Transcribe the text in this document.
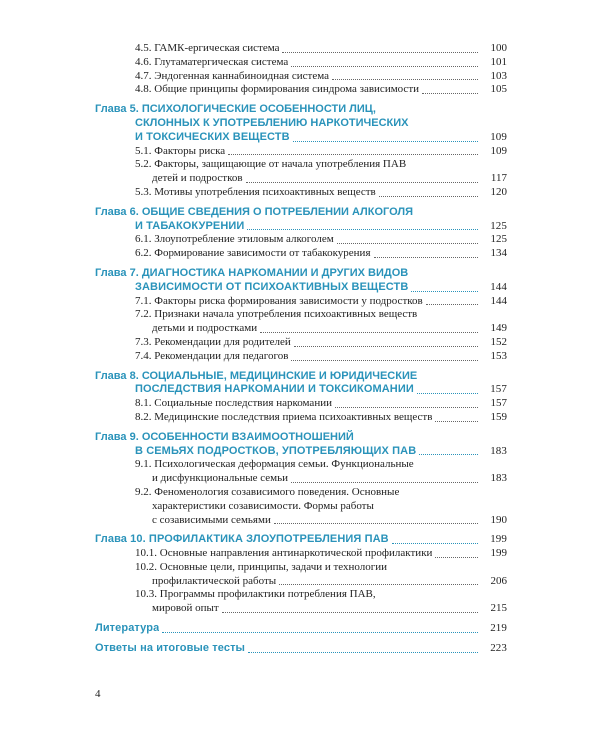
4.5. ГАМК-ергическая система	100
4.6. Глутаматергическая система	101
4.7. Эндогенная каннабиноидная система	103
4.8. Общие принципы формирования синдрома зависимости	105
Глава 5. ПСИХОЛОГИЧЕСКИЕ ОСОБЕННОСТИ ЛИЦ,
СКЛОННЫХ К УПОТРЕБЛЕНИЮ НАРКОТИЧЕСКИХ
И ТОКСИЧЕСКИХ ВЕЩЕСТВ	109
5.1. Факторы риска	109
5.2. Факторы, защищающие от начала употребления ПАВ
детей и подростков	117
5.3. Мотивы употребления психоактивных веществ	120
Глава 6. ОБЩИЕ СВЕДЕНИЯ О ПОТРЕБЛЕНИИ АЛКОГОЛЯ
И ТАБАКОКУРЕНИИ	125
6.1. Злоупотребление этиловым алкоголем	125
6.2. Формирование зависимости от табакокурения	134
Глава 7. ДИАГНОСТИКА НАРКОМАНИИ И ДРУГИХ ВИДОВ
ЗАВИСИМОСТИ ОТ ПСИХОАКТИВНЫХ ВЕЩЕСТВ	144
7.1. Факторы риска формирования зависимости у подростков	144
7.2. Признаки начала употребления психоактивных веществ
детьми и подростками	149
7.3. Рекомендации для родителей	152
7.4. Рекомендации для педагогов	153
Глава 8. СОЦИАЛЬНЫЕ, МЕДИЦИНСКИЕ И ЮРИДИЧЕСКИЕ
ПОСЛЕДСТВИЯ НАРКОМАНИИ И ТОКСИКОМАНИИ	157
8.1. Социальные последствия наркомании	157
8.2. Медицинские последствия приема психоактивных веществ	159
Глава 9. ОСОБЕННОСТИ ВЗАИМООТНОШЕНИЙ
В СЕМЬЯХ ПОДРОСТКОВ, УПОТРЕБЛЯЮЩИХ ПАВ	183
9.1. Психологическая деформация семьи. Функциональные
и дисфункциональные семьи	183
9.2. Феноменология созависимого поведения. Основные
характеристики созависимости. Формы работы
с созависимыми семьями	190
Глава 10. ПРОФИЛАКТИКА ЗЛОУПОТРЕБЛЕНИЯ ПАВ	199
10.1. Основные направления антинаркотической профилактики	199
10.2. Основные цели, принципы, задачи и технологии
профилактической работы	206
10.3. Программы профилактики потребления ПАВ,
мировой опыт	215
Литература	219
Ответы на итоговые тесты	223
4
